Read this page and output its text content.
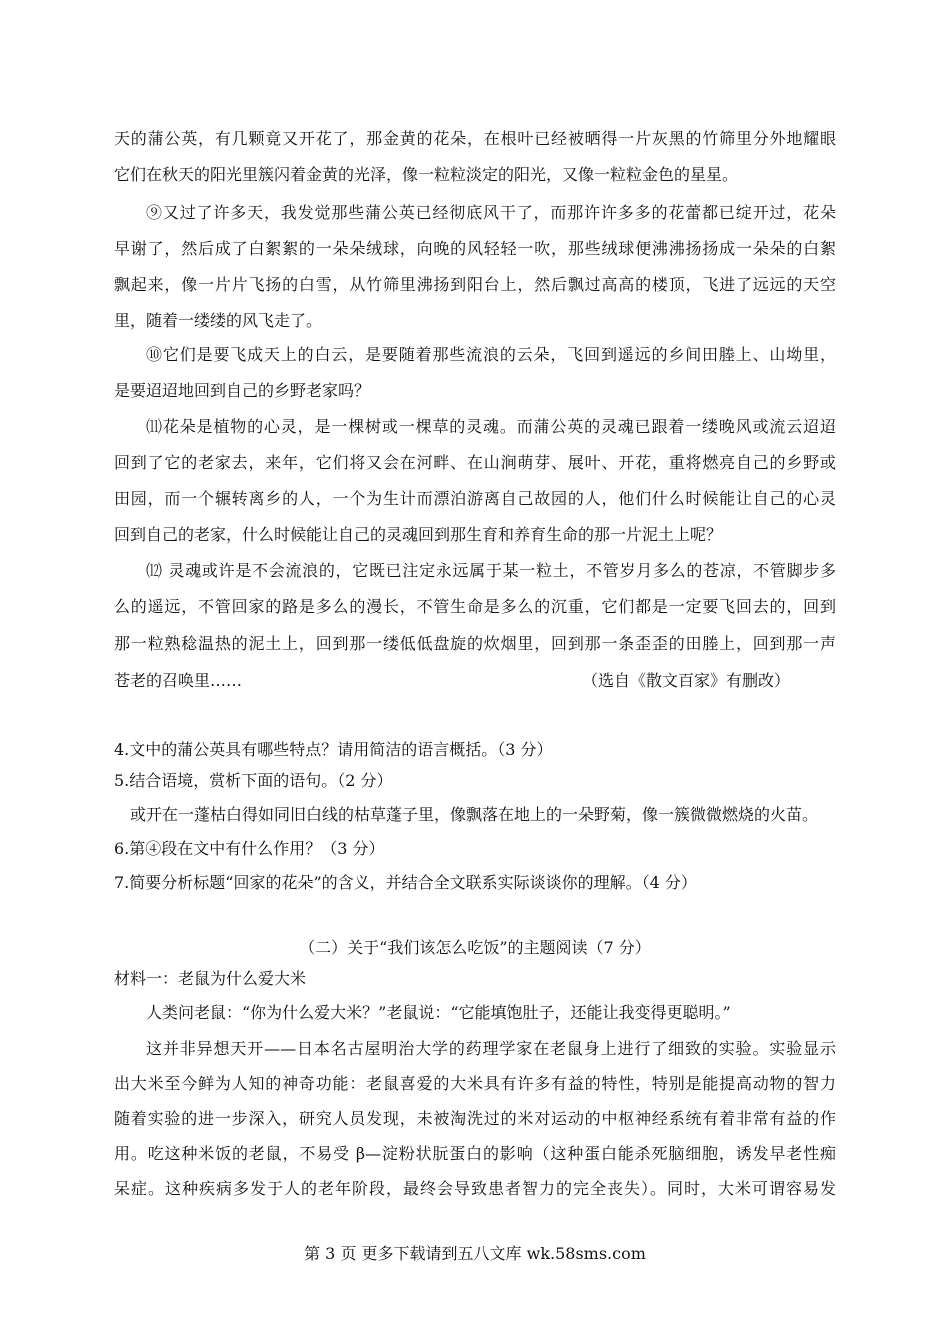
天的蒲公英，有几颗竟又开花了，那金黄的花朵，在根叶已经被晒得一片灰黑的竹筛里分外地耀眼
它们在秋天的阳光里簇闪着金黄的光泽，像一粒粒淡定的阳光，又像一粒粒金色的星星。
⑨又过了许多天，我发觉那些蒲公英已经彻底风干了，而那许许多多的花蕾都已绽开过，花朵
早谢了，然后成了白絮絮的一朵朵绒球，向晚的风轻轻一吹，那些绒球便沸沸扬扬成一朵朵的白絮
飘起来，像一片片飞扬的白雪，从竹筛里沸扬到阳台上，然后飘过高高的楼顶，飞进了远远的天空
里，随着一缕缕的风飞走了。
⑩它们是要飞成天上的白云，是要随着那些流浪的云朵，飞回到遥远的乡间田塍上、山坳里，
是要迢迢地回到自己的乡野老家吗？
⑾花朵是植物的心灵，是一棵树或一棵草的灵魂。而蒲公英的灵魂已跟着一缕晚风或流云迢迢
回到了它的老家去，来年，它们将又会在河畔、在山涧萌芽、展叶、开花，重将燃亮自己的乡野或
田园，而一个辗转离乡的人，一个为生计而漂泊游离自己故园的人，他们什么时候能让自己的心灵
回到自己的老家，什么时候能让自己的灵魂回到那生育和养育生命的那一片泥土上呢？
⑿ 灵魂或许是不会流浪的，它既已注定永远属于某一粒土，不管岁月多么的苍凉，不管脚步多
么的遥远，不管回家的路是多么的漫长，不管生命是多么的沉重，它们都是一定要飞回去的，回到
那一粒熟稔温热的泥土上，回到那一缕低低盘旋的炊烟里，回到那一条歪歪的田塍上，回到那一声
苍老的召唤里……	（选自《散文百家》有删改）
4.文中的蒲公英具有哪些特点？请用简洁的语言概括。（3 分）
5.结合语境，赏析下面的语句。（2 分）
或开在一蓬枯白得如同旧白线的枯草蓬子里，像飘落在地上的一朵野菊，像一簇微微燃烧的火苗。
6.第④段在文中有什么作用？（3 分）
7.简要分析标题“回家的花朵”的含义，并结合全文联系实际谈谈你的理解。（4 分）
（二）关于“我们该怎么吃饭”的主题阅读（7 分）
材料一：老鼠为什么爱大米
人类问老鼠：“你为什么爱大米？”老鼠说：“它能填饱肚子，还能让我变得更聪明。”
这并非异想天开——日本名古屋明治大学的药理学家在老鼠身上进行了细致的实验。实验显示
出大米至今鲜为人知的神奇功能：老鼠喜爱的大米具有许多有益的特性，特别是能提高动物的智力
随着实验的进一步深入，研究人员发现，未被淘洗过的米对运动的中枢神经系统有着非常有益的作
用。吃这种米饭的老鼠，不易受 β—淀粉状朊蛋白的影响（这种蛋白能杀死脑细胞，诱发早老性痴
呆症。这种疾病多发于人的老年阶段，最终会导致患者智力的完全丧失）。同时，大米可谓容易发
第 3 页 更多下载请到五八文库 wk.58sms.com
